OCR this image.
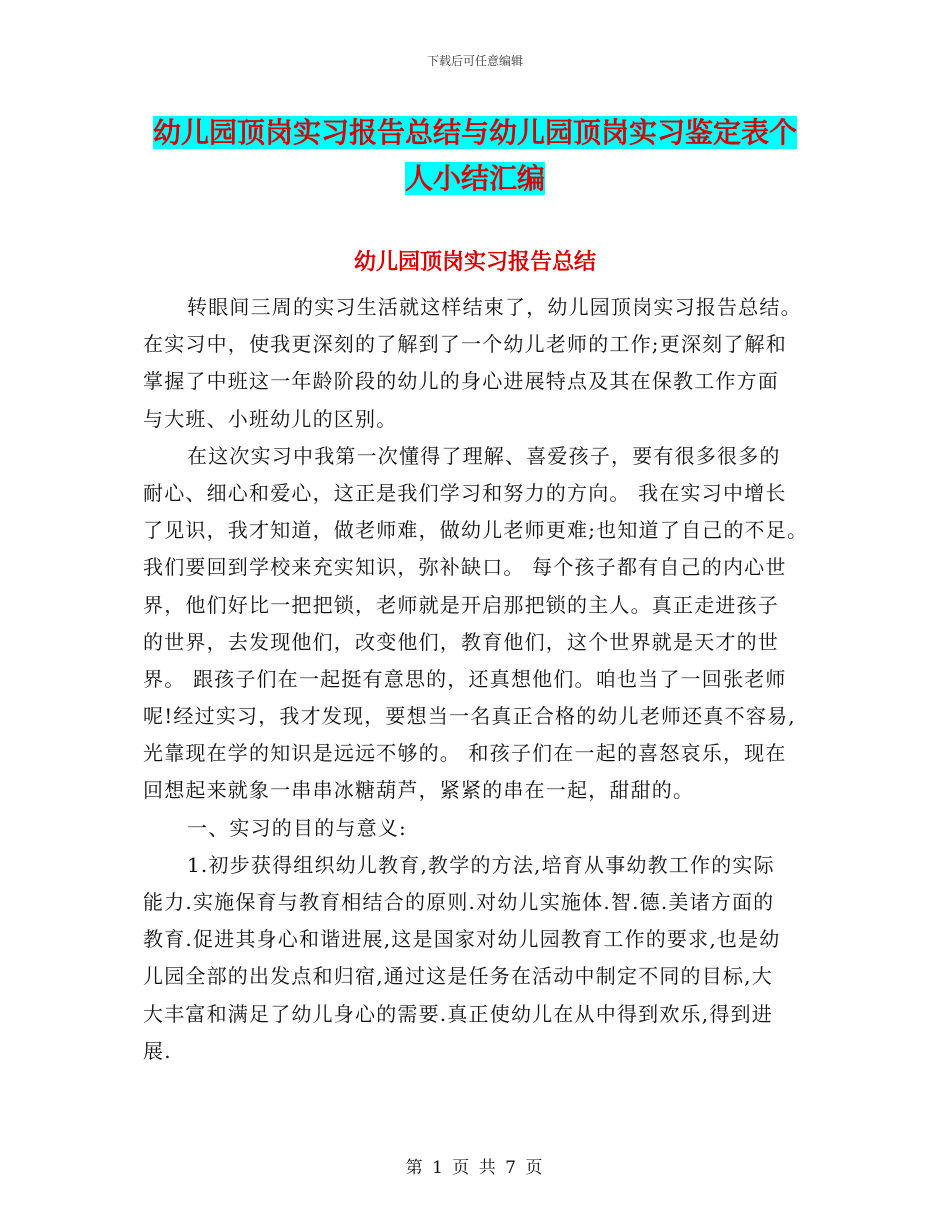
下载后可任意编辑
幼儿园顶岗实习报告总结与幼儿园顶岗实习鉴定表个
人小结汇编
幼儿园顶岗实习报告总结
转眼间三周的实习生活就这样结束了，幼儿园顶岗实习报告总结。
在实习中，使我更深刻的了解到了一个幼儿老师的工作;更深刻了解和
掌握了中班这一年龄阶段的幼儿的身心进展特点及其在保教工作方面
与大班、小班幼儿的区别。
在这次实习中我第一次懂得了理解、喜爱孩子，要有很多很多的
耐心、细心和爱心，这正是我们学习和努力的方向。 我在实习中增长
了见识，我才知道，做老师难，做幼儿老师更难;也知道了自己的不足。
我们要回到学校来充实知识，弥补缺口。 每个孩子都有自己的内心世
界，他们好比一把把锁，老师就是开启那把锁的主人。真正走进孩子
的世界，去发现他们，改变他们，教育他们，这个世界就是天才的世
界。 跟孩子们在一起挺有意思的，还真想他们。咱也当了一回张老师
呢!经过实习，我才发现，要想当一名真正合格的幼儿老师还真不容易,
光靠现在学的知识是远远不够的。 和孩子们在一起的喜怒哀乐，现在
回想起来就象一串串冰糖葫芦，紧紧的串在一起，甜甜的。
一、实习的目的与意义:
1.初步获得组织幼儿教育,教学的方法,培育从事幼教工作的实际
能力.实施保育与教育相结合的原则.对幼儿实施体.智.德.美诸方面的
教育.促进其身心和谐进展,这是国家对幼儿园教育工作的要求,也是幼
儿园全部的出发点和归宿,通过这是任务在活动中制定不同的目标,大
大丰富和满足了幼儿身心的需要.真正使幼儿在从中得到欢乐,得到进
展.
第 1 页 共 7 页
